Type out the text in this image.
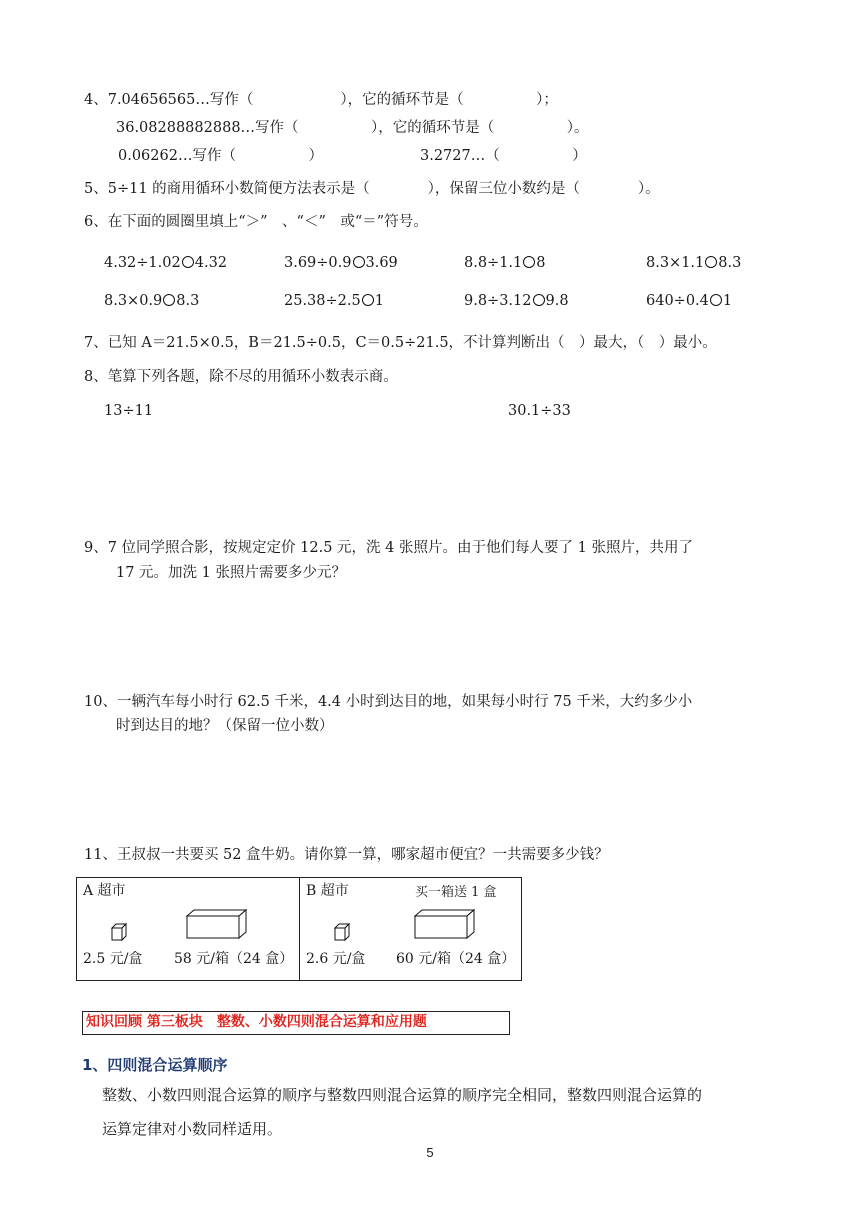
4、7.04656565…写作（　　　　　　），它的循环节是（　　　　　）；
36.08288882888…写作（　　　　　），它的循环节是（　　　　　）。
0.06262…写作（　　　　　）	3.2727…（　　　　　）
5、5÷11 的商用循环小数简便方法表示是（　　　　），保留三位小数约是（　　　　）。
6、在下面的圆圈里填上“＞”　、“＜”　或“＝”符号。
4.32÷1.02 4.32	3.69÷0.9 3.69	8.8÷1.1 8	8.3×1.1 8.3
8.3×0.9 8.3	25.38÷2.5 1	9.8÷3.12 9.8	640÷0.4 1
7、已知 A＝21.5×0.5，B＝21.5÷0.5，C＝0.5÷21.5，不计算判断出（　）最大，（　）最小。
8、笔算下列各题，除不尽的用循环小数表示商。
13÷11	30.1÷33
9、7 位同学照合影，按规定定价 12.5 元，洗 4 张照片。由于他们每人要了 1 张照片，共用了
17 元。加洗 1 张照片需要多少元？
10、一辆汽车每小时行 62.5 千米，4.4 小时到达目的地，如果每小时行 75 千米，大约多少小
时到达目的地？（保留一位小数）
11、王叔叔一共要买 52 盒牛奶。请你算一算，哪家超市便宜？一共需要多少钱？
A 超市
2.5 元/盒 58 元/箱（24 盒）
B 超市	买一箱送 1 盒
2.6 元/盒 60 元/箱（24 盒）
知识回顾 第三板块　整数、小数四则混合运算和应用题
1、四则混合运算顺序
整数、小数四则混合运算的顺序与整数四则混合运算的顺序完全相同，整数四则混合运算的
运算定律对小数同样适用。
5
